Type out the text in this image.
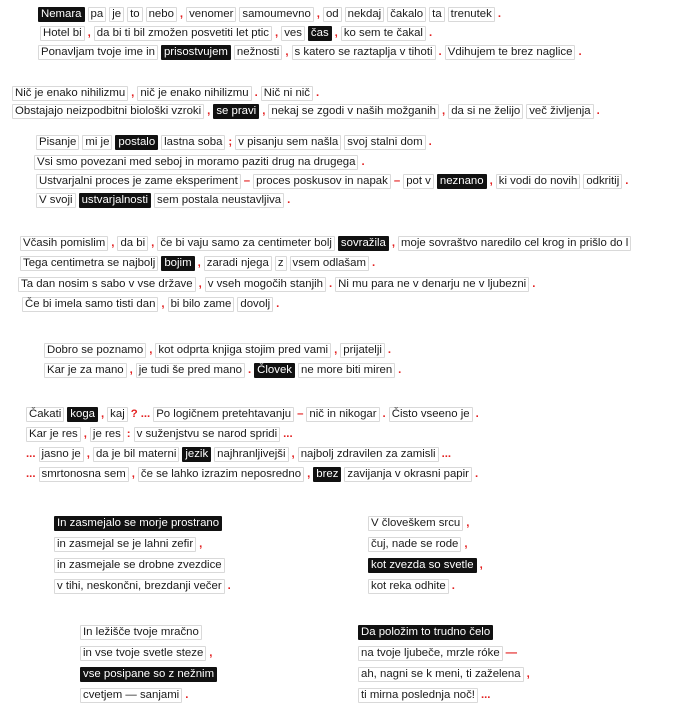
Nemara pa je to nebo , venomer samoumevno , od nekdaj čakalo ta trenutek .
Hotel bi , da bi ti bil zmožen posvetiti let ptic , ves čas , ko sem te čakal .
Ponavljam tvoje ime in prisostvujem nežnosti , s katero se raztaplja v tihoti . Vdihujem te brez naglice .
Nič je enako nihilizmu , nič je enako nihilizmu . Nič ni nič .
Obstajajo neizpodbitni biološki vzroki , se pravi , nekaj se zgodi v naših možganih , da si ne želijo več življenja .
Pisanje mi je postalo lastna soba ; v pisanju sem našla svoj stalni dom .
Vsi smo povezani med seboj in moramo paziti drug na drugega .
Ustvarjalni proces je zame eksperiment – proces poskusov in napak – pot v neznano , ki vodi do novih odkritij .
V svoji ustvarjalnosti sem postala neustavljiva .
Včasih pomislim , da bi , če bi vaju samo za centimeter bolj sovražila , moje sovraštvo naredilo cel krog in prišlo do l
Tega centimetra se najbolj bojim , zaradi njega z vsem odlašam .
Ta dan nosim s sabo v vse države , v vseh mogočih stanjih . Ni mu para ne v denarju ne v ljubezni .
Če bi imela samo tisti dan , bi bilo zame dovolj .
Dobro se poznamo , kot odprta knjiga stojim pred vami , prijatelji .
Kar je za mano , je tudi še pred mano . Človek ne more biti miren .
Čakati koga , kaj ? ... Po logičnem pretehtavanju – nič in nikogar . Čisto vseeno je .
Kar je res , je res : v suženjstvu se narod spridi ...
... jasno je , da je bil materni jezik najhranljivejši , najbolj zdravilen za zamisli ...
... smrtonosna sem , če se lahko izrazim neposredno , brez zavijanja v okrasni papir .
In zasmejalo se morje prostrano
in zasmejal se je lahni zefir ,
in zasmejale se drobne zvezdice
v tihi, neskončni, brezdanji večer .
V človeškem srcu ,
čuj, nade se rode ,
kot zvezda so svetle ,
kot reka odhite .
In ležišče tvoje mračno
in vse tvoje svetle steze ,
vse posipane so z nežnim
cvetjem — sanjami .
Da položim to trudno čelo
na tvoje ljubeče, mrzle róke —
ah, nagni se k meni, ti zaželena ,
ti mirna poslednja noč! ...
